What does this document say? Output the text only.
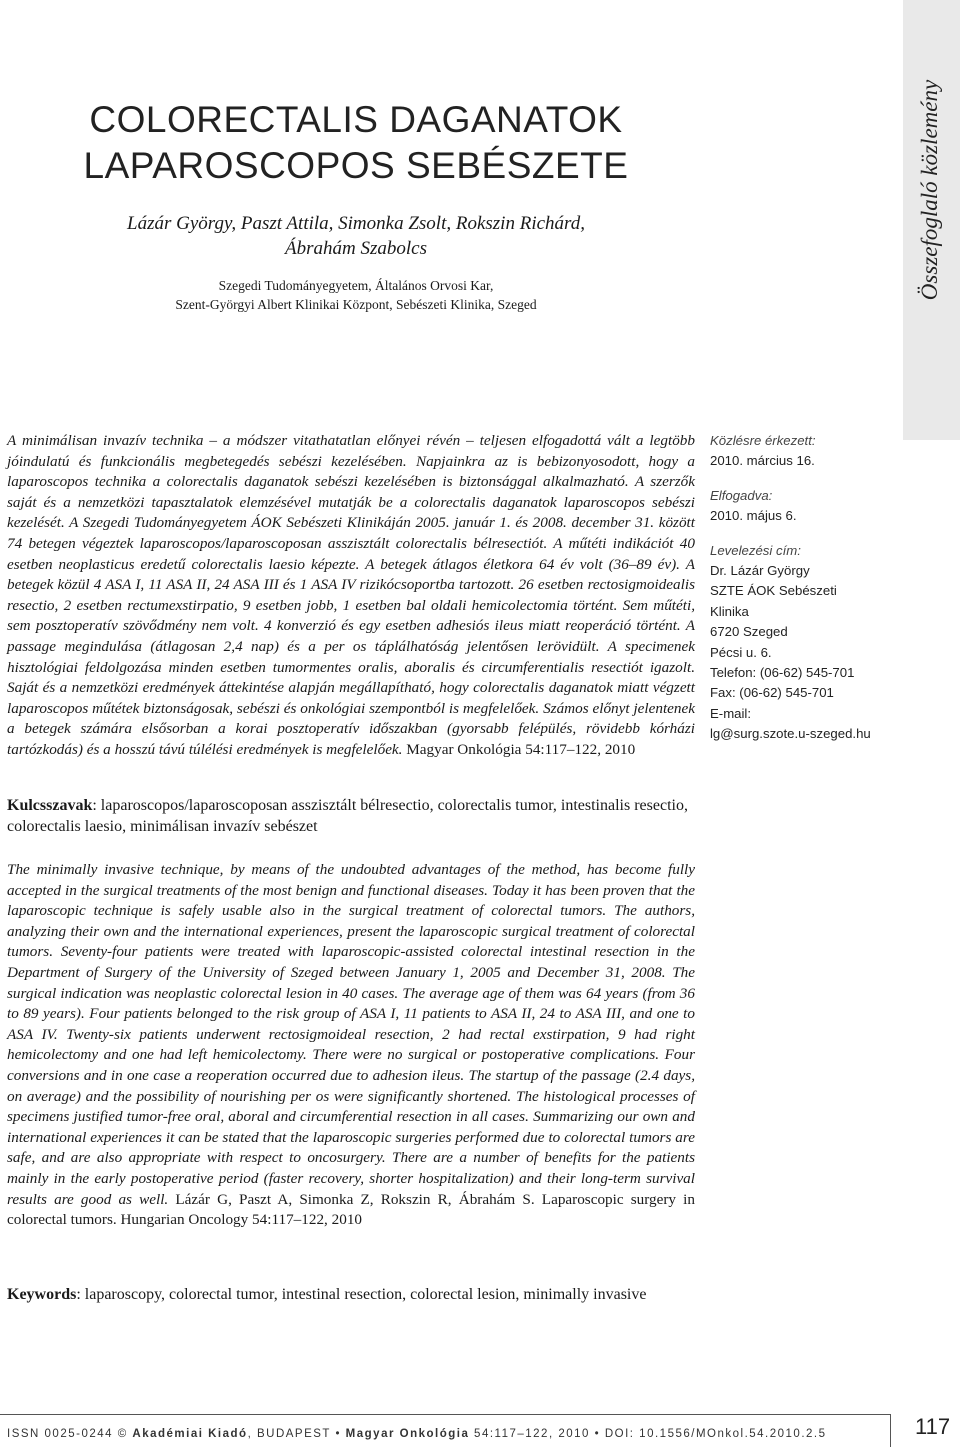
Összefoglaló közlemény
COLORECTALIS DAGANATOK
LAPAROSCOPOS SEBÉSZETE
Lázár György, Paszt Attila, Simonka Zsolt, Rokszin Richárd,
Ábrahám Szabolcs
Szegedi Tudományegyetem, Általános Orvosi Kar,
Szent-Györgyi Albert Klinikai Központ, Sebészeti Klinika, Szeged
A minimálisan invazív technika – a módszer vitathatatlan előnyei révén – teljesen elfogadottá vált a legtöbb jóindulatú és funkcionális megbetegedés sebészi kezelésében. Napjainkra az is bebizonyosodott, hogy a laparoscopos technika a colorectalis daganatok sebészi kezelésében is biztonsággal alkalmazható. A szerzők saját és a nemzetközi tapasztalatok elemzésével mutatják be a colorectalis daganatok laparoscopos sebészi kezelését. A Szegedi Tudományegyetem ÁOK Sebészeti Klinikáján 2005. január 1. és 2008. december 31. között 74 betegen végeztek laparoscopos/laparoscoposan asszisztált colorectalis bélresectiót. A műtéti indikációt 40 esetben neoplasticus eredetű colorectalis laesio képezte. A betegek átlagos életkora 64 év volt (36–89 év). A betegek közül 4 ASA I, 11 ASA II, 24 ASA III és 1 ASA IV rizikócsoportba tartozott. 26 esetben rectosigmoidealis resectio, 2 esetben rectumexstirpatio, 9 esetben jobb, 1 esetben bal oldali hemicolectomia történt. Sem műtéti, sem posztoperatív szövődmény nem volt. 4 konverzió és egy esetben adhesiós ileus miatt reoperáció történt. A passage megindulása (átlagosan 2,4 nap) és a per os táplálhatóság jelentősen lerövidült. A specimenek hisztológiai feldolgozása minden esetben tumormentes oralis, aboralis és circumferentialis resectiót igazolt. Saját és a nemzetközi eredmények áttekintése alapján megállapítható, hogy colorectalis daganatok miatt végzett laparoscopos műtétek biztonságosak, sebészi és onkológiai szempontból is megfelelőek. Számos előnyt jelentenek a betegek számára elsősorban a korai posztoperatív időszakban (gyorsabb felépülés, rövidebb kórházi tartózkodás) és a hosszú távú túlélési eredmények is megfelelőek. Magyar Onkológia 54:117–122, 2010
Közlésre érkezett:
2010. március 16.
Elfogadva:
2010. május 6.
Levelezési cím:
Dr. Lázár György
SZTE ÁOK Sebészeti
Klinika
6720 Szeged
Pécsi u. 6.
Telefon: (06-62) 545-701
Fax: (06-62) 545-701
E-mail:
lg@surg.szote.u-szeged.hu
Kulcsszavak: laparoscopos/laparoscoposan asszisztált bélresectio, colorectalis tumor, intestinalis resectio, colorectalis laesio, minimálisan invazív sebészet
The minimally invasive technique, by means of the undoubted advantages of the method, has become fully accepted in the surgical treatments of the most benign and functional diseases. Today it has been proven that the laparoscopic technique is safely usable also in the surgical treatment of colorectal tumors. The authors, analyzing their own and the international experiences, present the laparoscopic surgical treatment of colorectal tumors. Seventy-four patients were treated with laparoscopic-assisted colorectal intestinal resection in the Department of Surgery of the University of Szeged between January 1, 2005 and December 31, 2008. The surgical indication was neoplastic colorectal lesion in 40 cases. The average age of them was 64 years (from 36 to 89 years). Four patients belonged to the risk group of ASA I, 11 patients to ASA II, 24 to ASA III, and one to ASA IV. Twenty-six patients underwent rectosigmoideal resection, 2 had rectal exstirpation, 9 had right hemicolectomy and one had left hemicolectomy. There were no surgical or postoperative complications. Four conversions and in one case a reoperation occurred due to adhesion ileus. The startup of the passage (2.4 days, on average) and the possibility of nourishing per os were significantly shortened. The histological processes of specimens justified tumor-free oral, aboral and circumferential resection in all cases. Summarizing our own and international experiences it can be stated that the laparoscopic surgeries performed due to colorectal tumors are safe, and are also appropriate with respect to oncosurgery. There are a number of benefits for the patients mainly in the early postoperative period (faster recovery, shorter hospitalization) and their long-term survival results are good as well. Lázár G, Paszt A, Simonka Z, Rokszin R, Ábrahám S. Laparoscopic surgery in colorectal tumors. Hungarian Oncology 54:117–122, 2010
Keywords: laparoscopy, colorectal tumor, intestinal resection, colorectal lesion, minimally invasive
ISSN 0025-0244 © Akadémiai Kiadó, BUDAPEST • Magyar Onkológia 54:117–122, 2010 • DOI: 10.1556/MOnkol.54.2010.2.5	117
